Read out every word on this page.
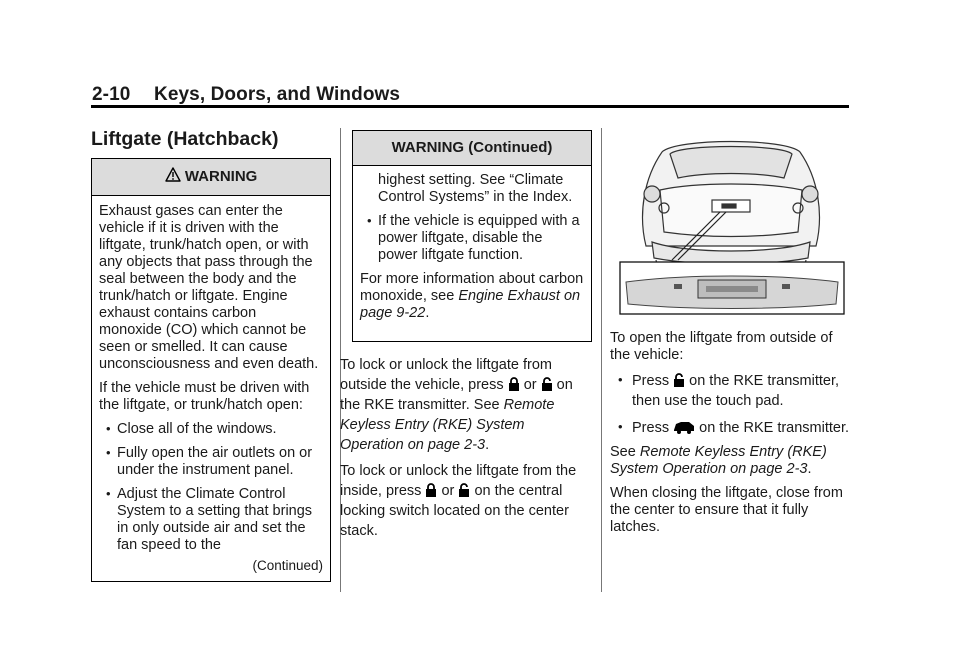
2-10 Keys, Doors, and Windows
Liftgate (Hatchback)
WARNING

Exhaust gases can enter the vehicle if it is driven with the liftgate, trunk/hatch open, or with any objects that pass through the seal between the body and the trunk/hatch or liftgate. Engine exhaust contains carbon monoxide (CO) which cannot be seen or smelled. It can cause unconsciousness and even death.

If the vehicle must be driven with the liftgate, or trunk/hatch open:

• Close all of the windows.

• Fully open the air outlets on or under the instrument panel.

• Adjust the Climate Control System to a setting that brings in only outside air and set the fan speed to the

(Continued)

WARNING (Continued)

highest setting. See “Climate Control Systems” in the Index.

• If the vehicle is equipped with a power liftgate, disable the power liftgate function.

For more information about carbon monoxide, see Engine Exhaust on page 9-22.

To lock or unlock the liftgate from outside the vehicle, press or on the RKE transmitter. See Remote Keyless Entry (RKE) System Operation on page 2-3.

To lock or unlock the liftgate from the inside, press or on the central locking switch located on the center stack.

To open the liftgate from outside of the vehicle:

• Press on the RKE transmitter, then use the touch pad.

• Press on the RKE transmitter.

See Remote Keyless Entry (RKE) System Operation on page 2-3.

When closing the liftgate, close from the center to ensure that it fully latches.
